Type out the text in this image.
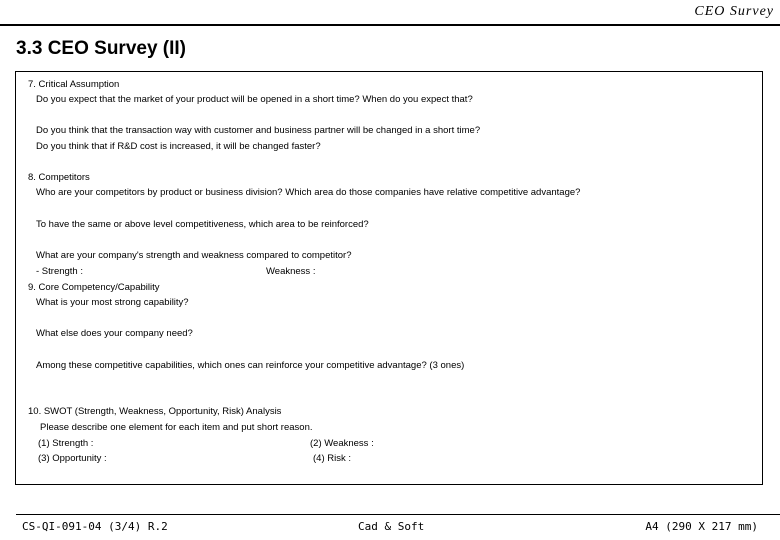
CEO Survey
3.3 CEO Survey (II)
7. Critical Assumption
Do you expect that the market of your product will be opened in a short time? When do you expect that?
Do you think that the transaction way with customer and business partner will be changed in a short time?
Do you think that if R&D cost is increased, it will be changed faster?
8. Competitors
Who are your competitors by product or business division? Which area do those companies have relative competitive advantage?
To have the same or above level competitiveness, which area to be reinforced?
What are your company's strength and weakness compared to competitor?
- Strength :	Weakness :
9. Core Competency/Capability
What is your most strong capability?
What else does your company need?
Among these competitive capabilities, which ones can reinforce your competitive advantage? (3 ones)
10. SWOT (Strength, Weakness, Opportunity, Risk) Analysis
Please describe one element for each item and put short reason.
(1) Strength :	(2) Weakness :
(3) Opportunity :	(4) Risk :
CS-QI-091-04 (3/4) R.2	Cad & Soft	A4 (290 X 217 mm)
